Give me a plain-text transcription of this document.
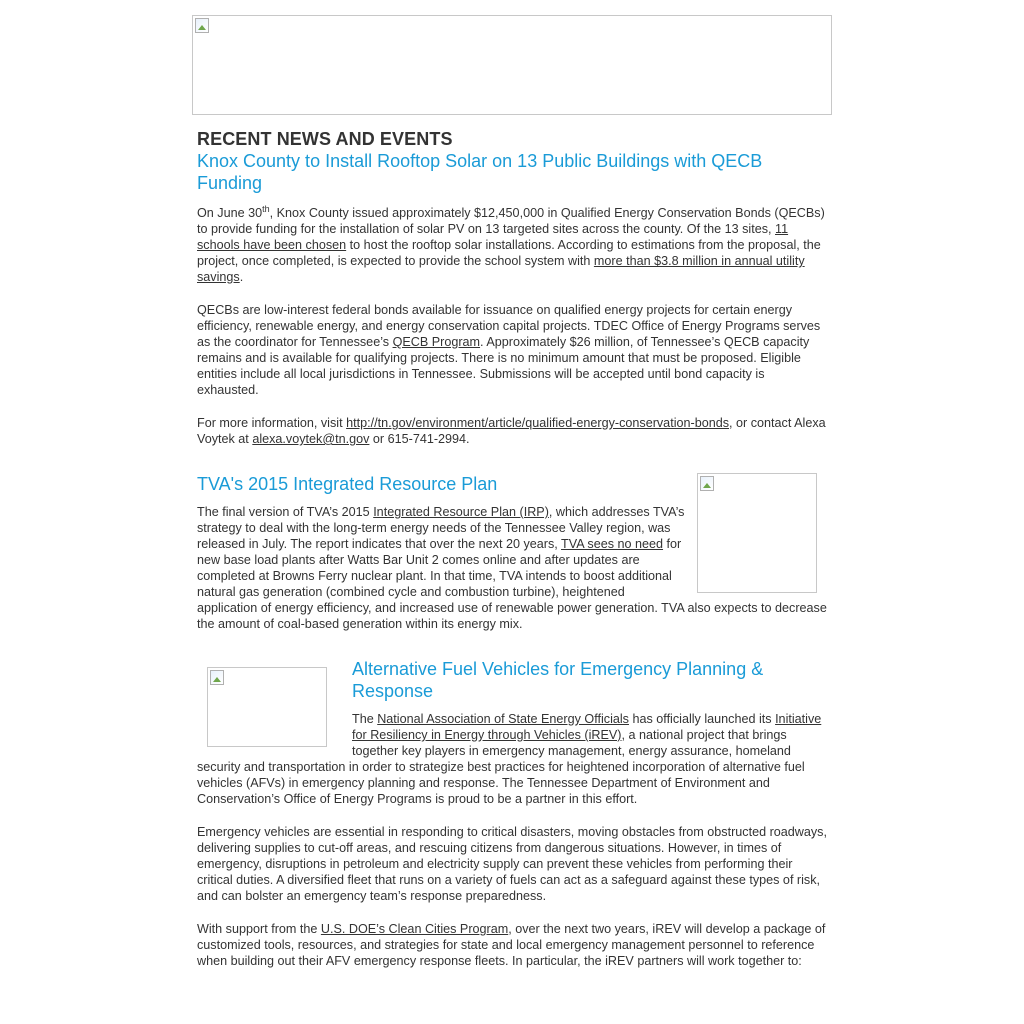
RECENT NEWS AND EVENTS
Knox County to Install Rooftop Solar on 13 Public Buildings with QECB Funding

On June 30th, Knox County issued approximately $12,450,000 in Qualified Energy Conservation Bonds (QECBs) to provide funding for the installation of solar PV on 13 targeted sites across the county. Of the 13 sites, 11 schools have been chosen to host the rooftop solar installations. According to estimations from the proposal, the project, once completed, is expected to provide the school system with more than $3.8 million in annual utility savings.

QECBs are low-interest federal bonds available for issuance on qualified energy projects for certain energy efficiency, renewable energy, and energy conservation capital projects. TDEC Office of Energy Programs serves as the coordinator for Tennessee’s QECB Program. Approximately $26 million, of Tennessee’s QECB capacity remains and is available for qualifying projects. There is no minimum amount that must be proposed. Eligible entities include all local jurisdictions in Tennessee. Submissions will be accepted until bond capacity is exhausted.

For more information, visit http://tn.gov/environment/article/qualified-energy-conservation-bonds, or contact Alexa Voytek at alexa.voytek@tn.gov or 615-741-2994.

TVA's 2015 Integrated Resource Plan

The final version of TVA’s 2015 Integrated Resource Plan (IRP), which addresses TVA’s strategy to deal with the long-term energy needs of the Tennessee Valley region, was released in July. The report indicates that over the next 20 years, TVA sees no need for new base load plants after Watts Bar Unit 2 comes online and after updates are completed at Browns Ferry nuclear plant. In that time, TVA intends to boost additional natural gas generation (combined cycle and combustion turbine), heightened application of energy efficiency, and increased use of renewable power generation. TVA also expects to decrease the amount of coal-based generation within its energy mix.

Alternative Fuel Vehicles for Emergency Planning & Response

The National Association of State Energy Officials has officially launched its Initiative for Resiliency in Energy through Vehicles (iREV), a national project that brings together key players in emergency management, energy assurance, homeland security and transportation in order to strategize best practices for heightened incorporation of alternative fuel vehicles (AFVs) in emergency planning and response. The Tennessee Department of Environment and Conservation’s Office of Energy Programs is proud to be a partner in this effort.

Emergency vehicles are essential in responding to critical disasters, moving obstacles from obstructed roadways, delivering supplies to cut-off areas, and rescuing citizens from dangerous situations. However, in times of emergency, disruptions in petroleum and electricity supply can prevent these vehicles from performing their critical duties. A diversified fleet that runs on a variety of fuels can act as a safeguard against these types of risk, and can bolster an emergency team’s response preparedness.

With support from the U.S. DOE’s Clean Cities Program, over the next two years, iREV will develop a package of customized tools, resources, and strategies for state and local emergency management personnel to reference when building out their AFV emergency response fleets. In particular, the iREV partners will work together to:
